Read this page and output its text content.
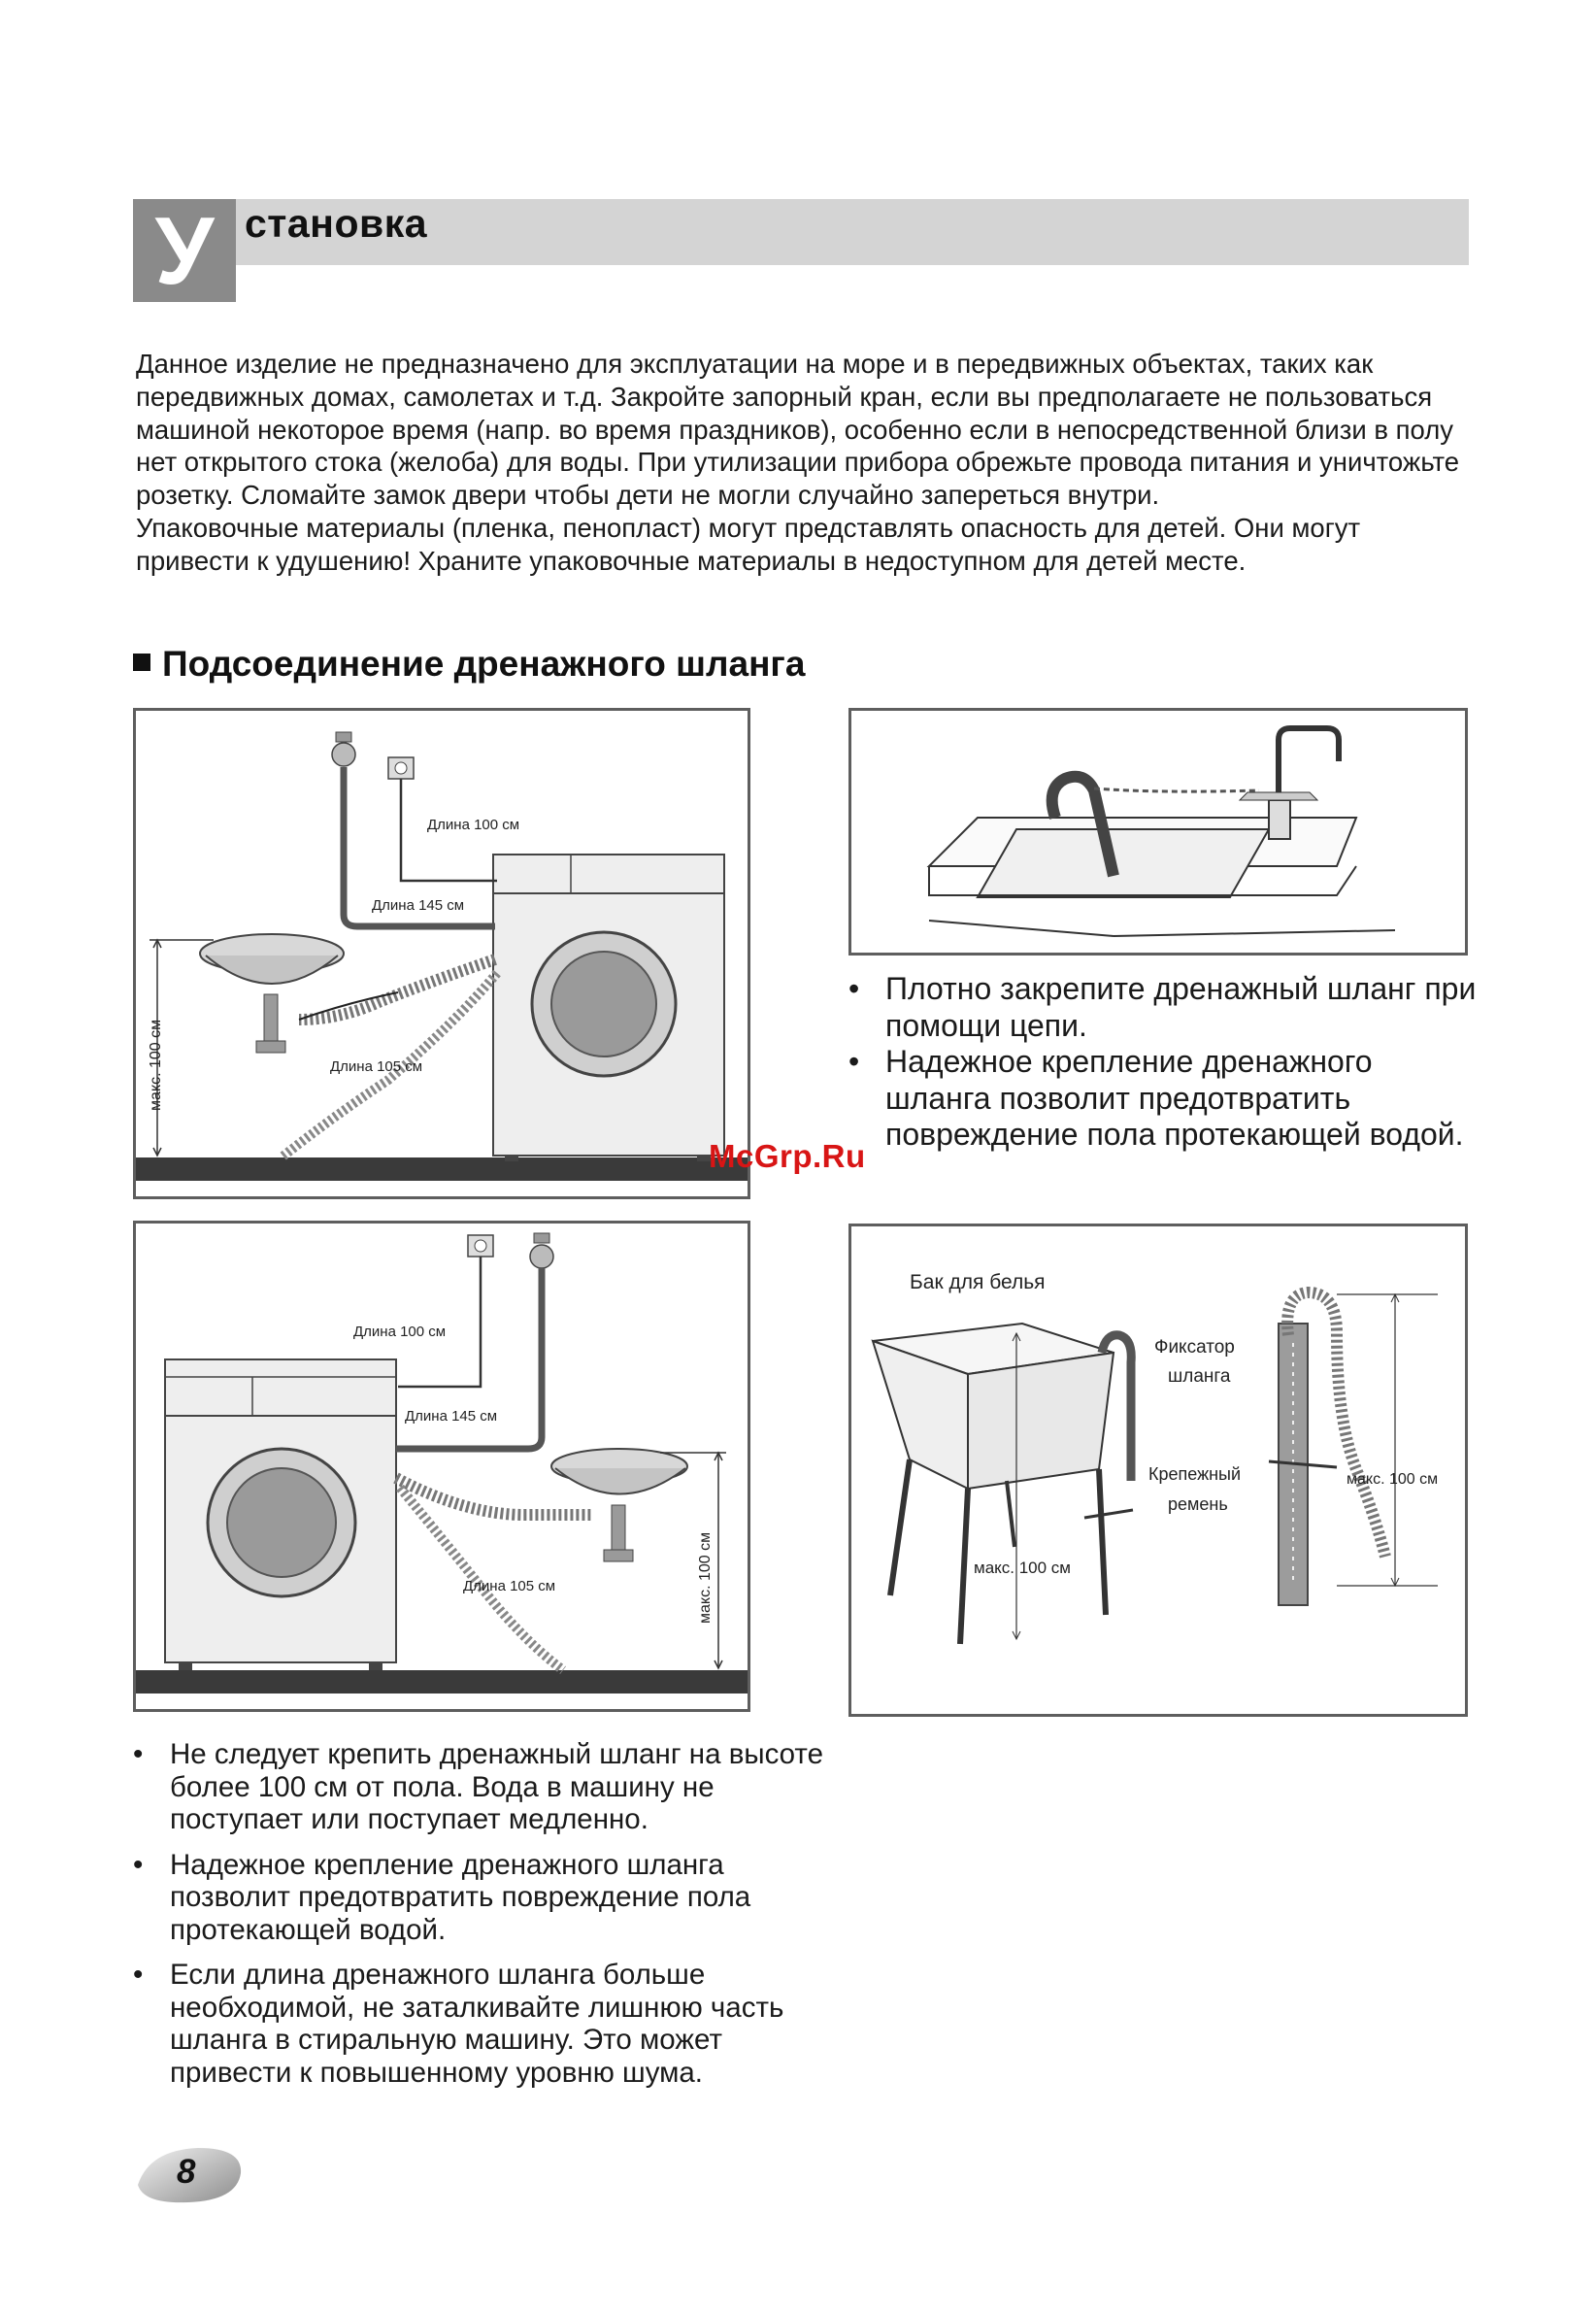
У становка

Данное изделие не предназначено для эксплуатации на море и в передвижных объектах, таких как передвижных домах, самолетах и т.д. Закройте запорный кран, если вы предполагаете не пользоваться машиной некоторое время (напр. во время праздников), особенно если в непосредственной близи в полу нет открытого стока (желоба) для воды. При утилизации прибора обрежьте провода питания и уничтожьте розетку. Сломайте замок двери чтобы дети не могли случайно запереться внутри.

Упаковочные материалы (пленка, пенопласт) могут представлять опасность для детей. Они могут привести к удушению! Храните упаковочные материалы в недоступном для детей месте.

Подсоединение дренажного шланга
Длина 100 см
Длина 145 см
Длина 105 см
макс. 100 см
• Плотно закрепите дренажный шланг при помощи цепи.
• Надежное крепление дренажного шланга позволит предотвратить повреждение пола протекающей водой.
McGrp.Ru
Длина 100 см
Длина 145 см
Длина 105 см	макс. 100 см
Бак для белья
Фиксатор
шланга
Крепежный
ремень
макс. 100 см
макс. 100 см
• Не следует крепить дренажный шланг на высоте более 100 см от пола. Вода в машину не поступает или поступает медленно.
• Надежное крепление дренажного шланга позволит предотвратить повреждение пола протекающей водой.
• Если длина дренажного шланга больше необходимой, не заталкивайте лишнюю часть шланга в стиральную машину. Это может привести к повышенному уровню шума.
8
